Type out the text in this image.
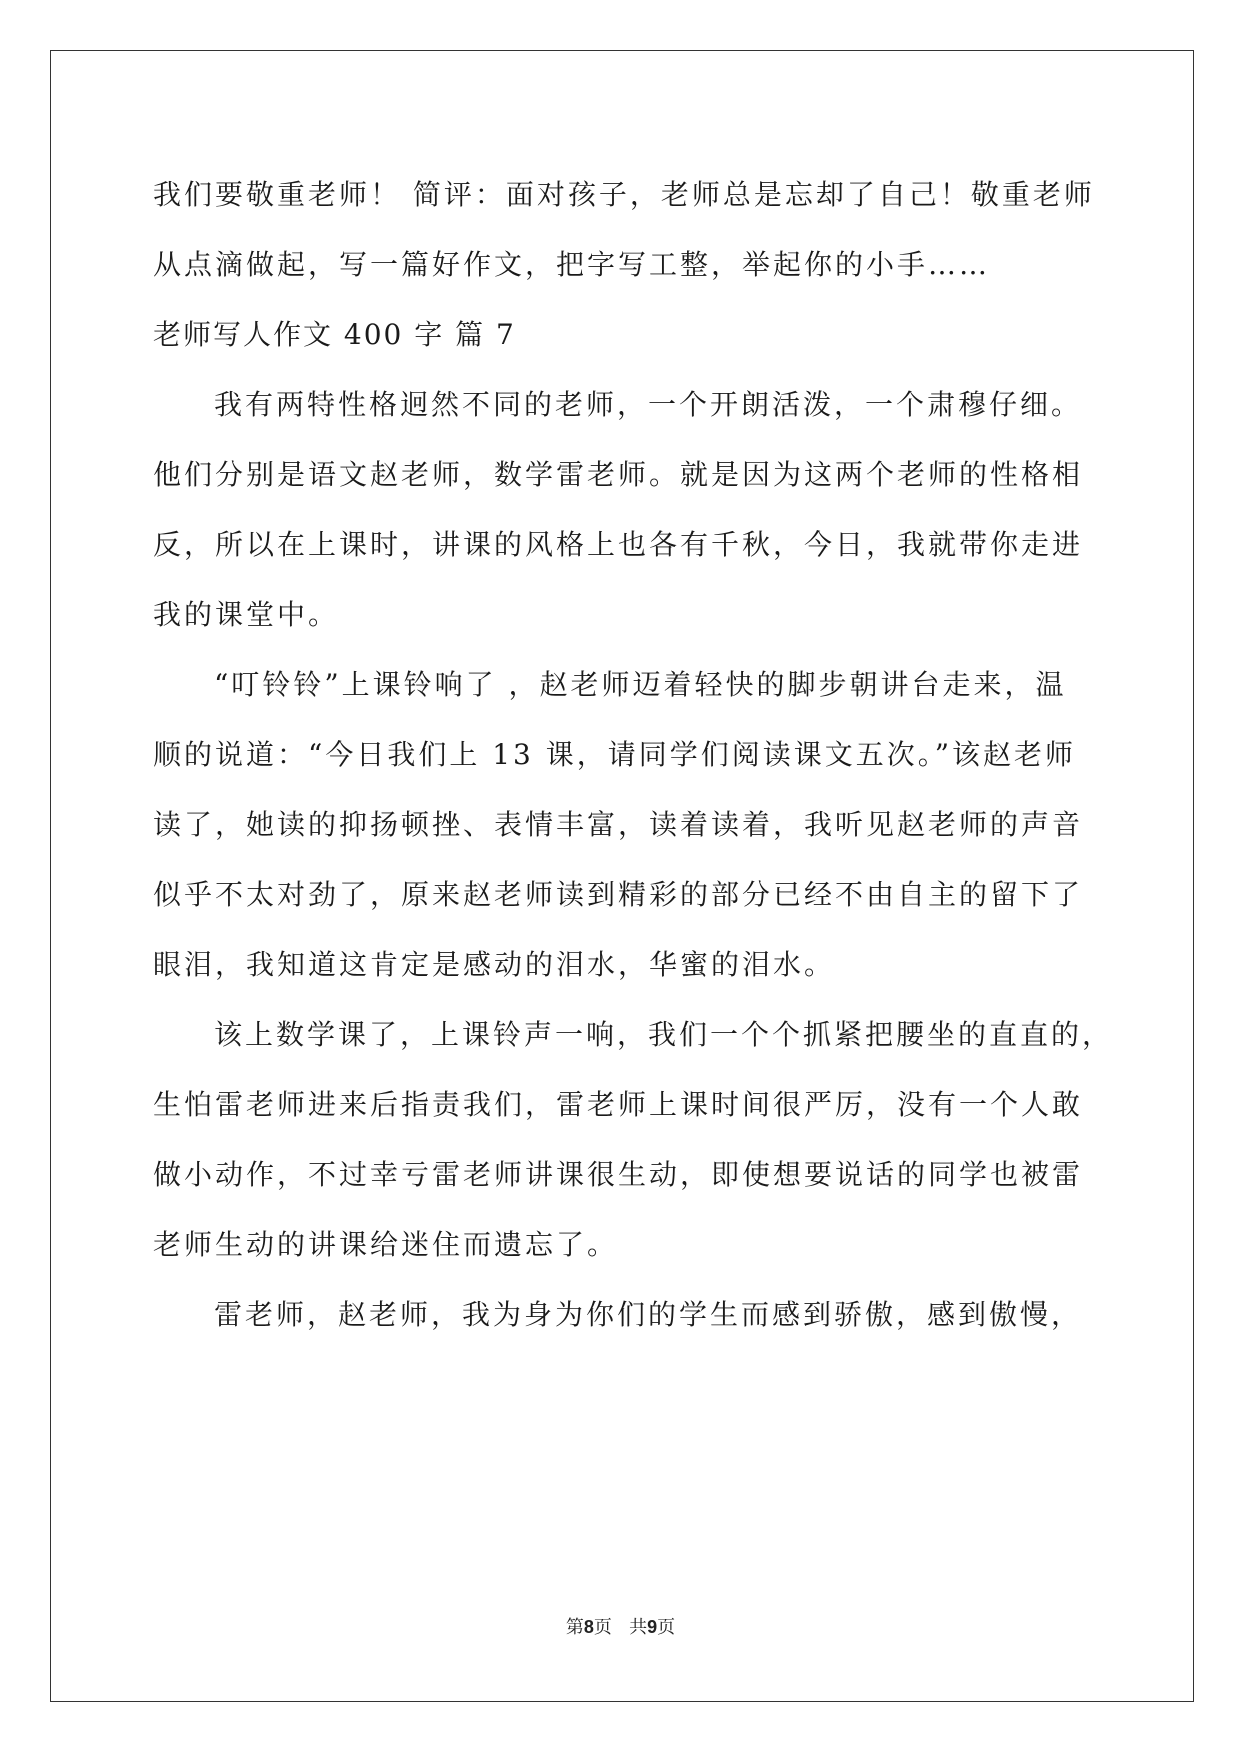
我们要敬重老师！ 简评：面对孩子，老师总是忘却了自己！敬重老师
从点滴做起，写一篇好作文，把字写工整，举起你的小手……
老师写人作文 400 字 篇 7
我有两特性格迥然不同的老师，一个开朗活泼，一个肃穆仔细。
他们分别是语文赵老师，数学雷老师。就是因为这两个老师的性格相
反，所以在上课时，讲课的风格上也各有千秋，今日，我就带你走进
我的课堂中。
“叮铃铃”上课铃响了 ，赵老师迈着轻快的脚步朝讲台走来，温
顺的说道：“今日我们上 13 课，请同学们阅读课文五次。”该赵老师
读了，她读的抑扬顿挫、表情丰富，读着读着，我听见赵老师的声音
似乎不太对劲了，原来赵老师读到精彩的部分已经不由自主的留下了
眼泪，我知道这肯定是感动的泪水，华蜜的泪水。
该上数学课了，上课铃声一响，我们一个个抓紧把腰坐的直直的，
生怕雷老师进来后指责我们，雷老师上课时间很严厉，没有一个人敢
做小动作，不过幸亏雷老师讲课很生动，即使想要说话的同学也被雷
老师生动的讲课给迷住而遗忘了。
雷老师，赵老师，我为身为你们的学生而感到骄傲，感到傲慢，
第8页 共9页
